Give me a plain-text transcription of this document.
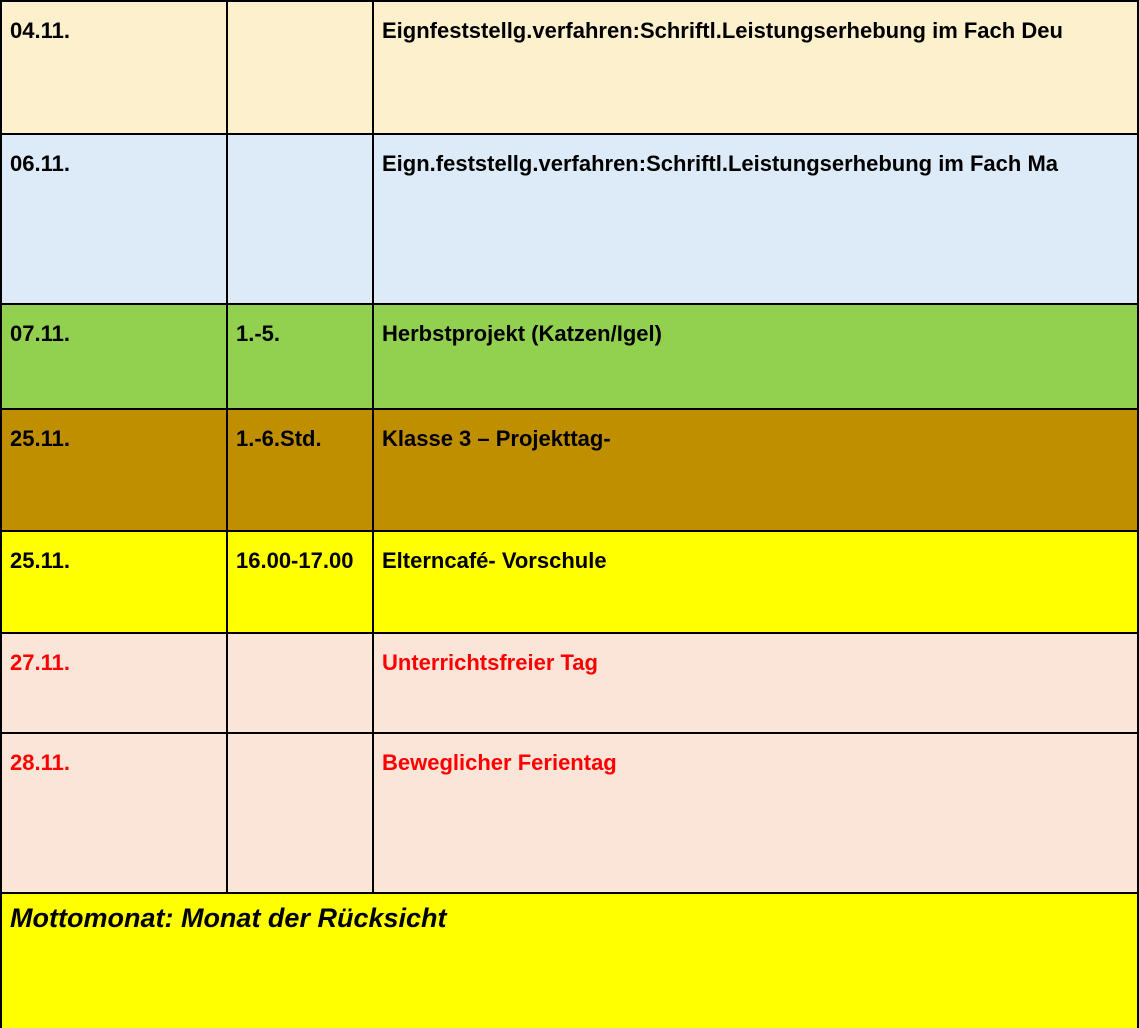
04.11.		Eignfeststellg.verfahren:Schriftl.Leistungserhebung im Fach Deu
06.11.		Eign.feststellg.verfahren:Schriftl.Leistungserhebung im Fach Ma
07.11.	1.-5.	Herbstprojekt (Katzen/Igel)
25.11.	1.-6.Std.	Klasse 3 – Projekttag-
25.11.	16.00-17.00	Elterncafé- Vorschule
27.11.		Unterrichtsfreier Tag
28.11.		Beweglicher Ferientag
Mottomonat: Monat der Rücksicht		
